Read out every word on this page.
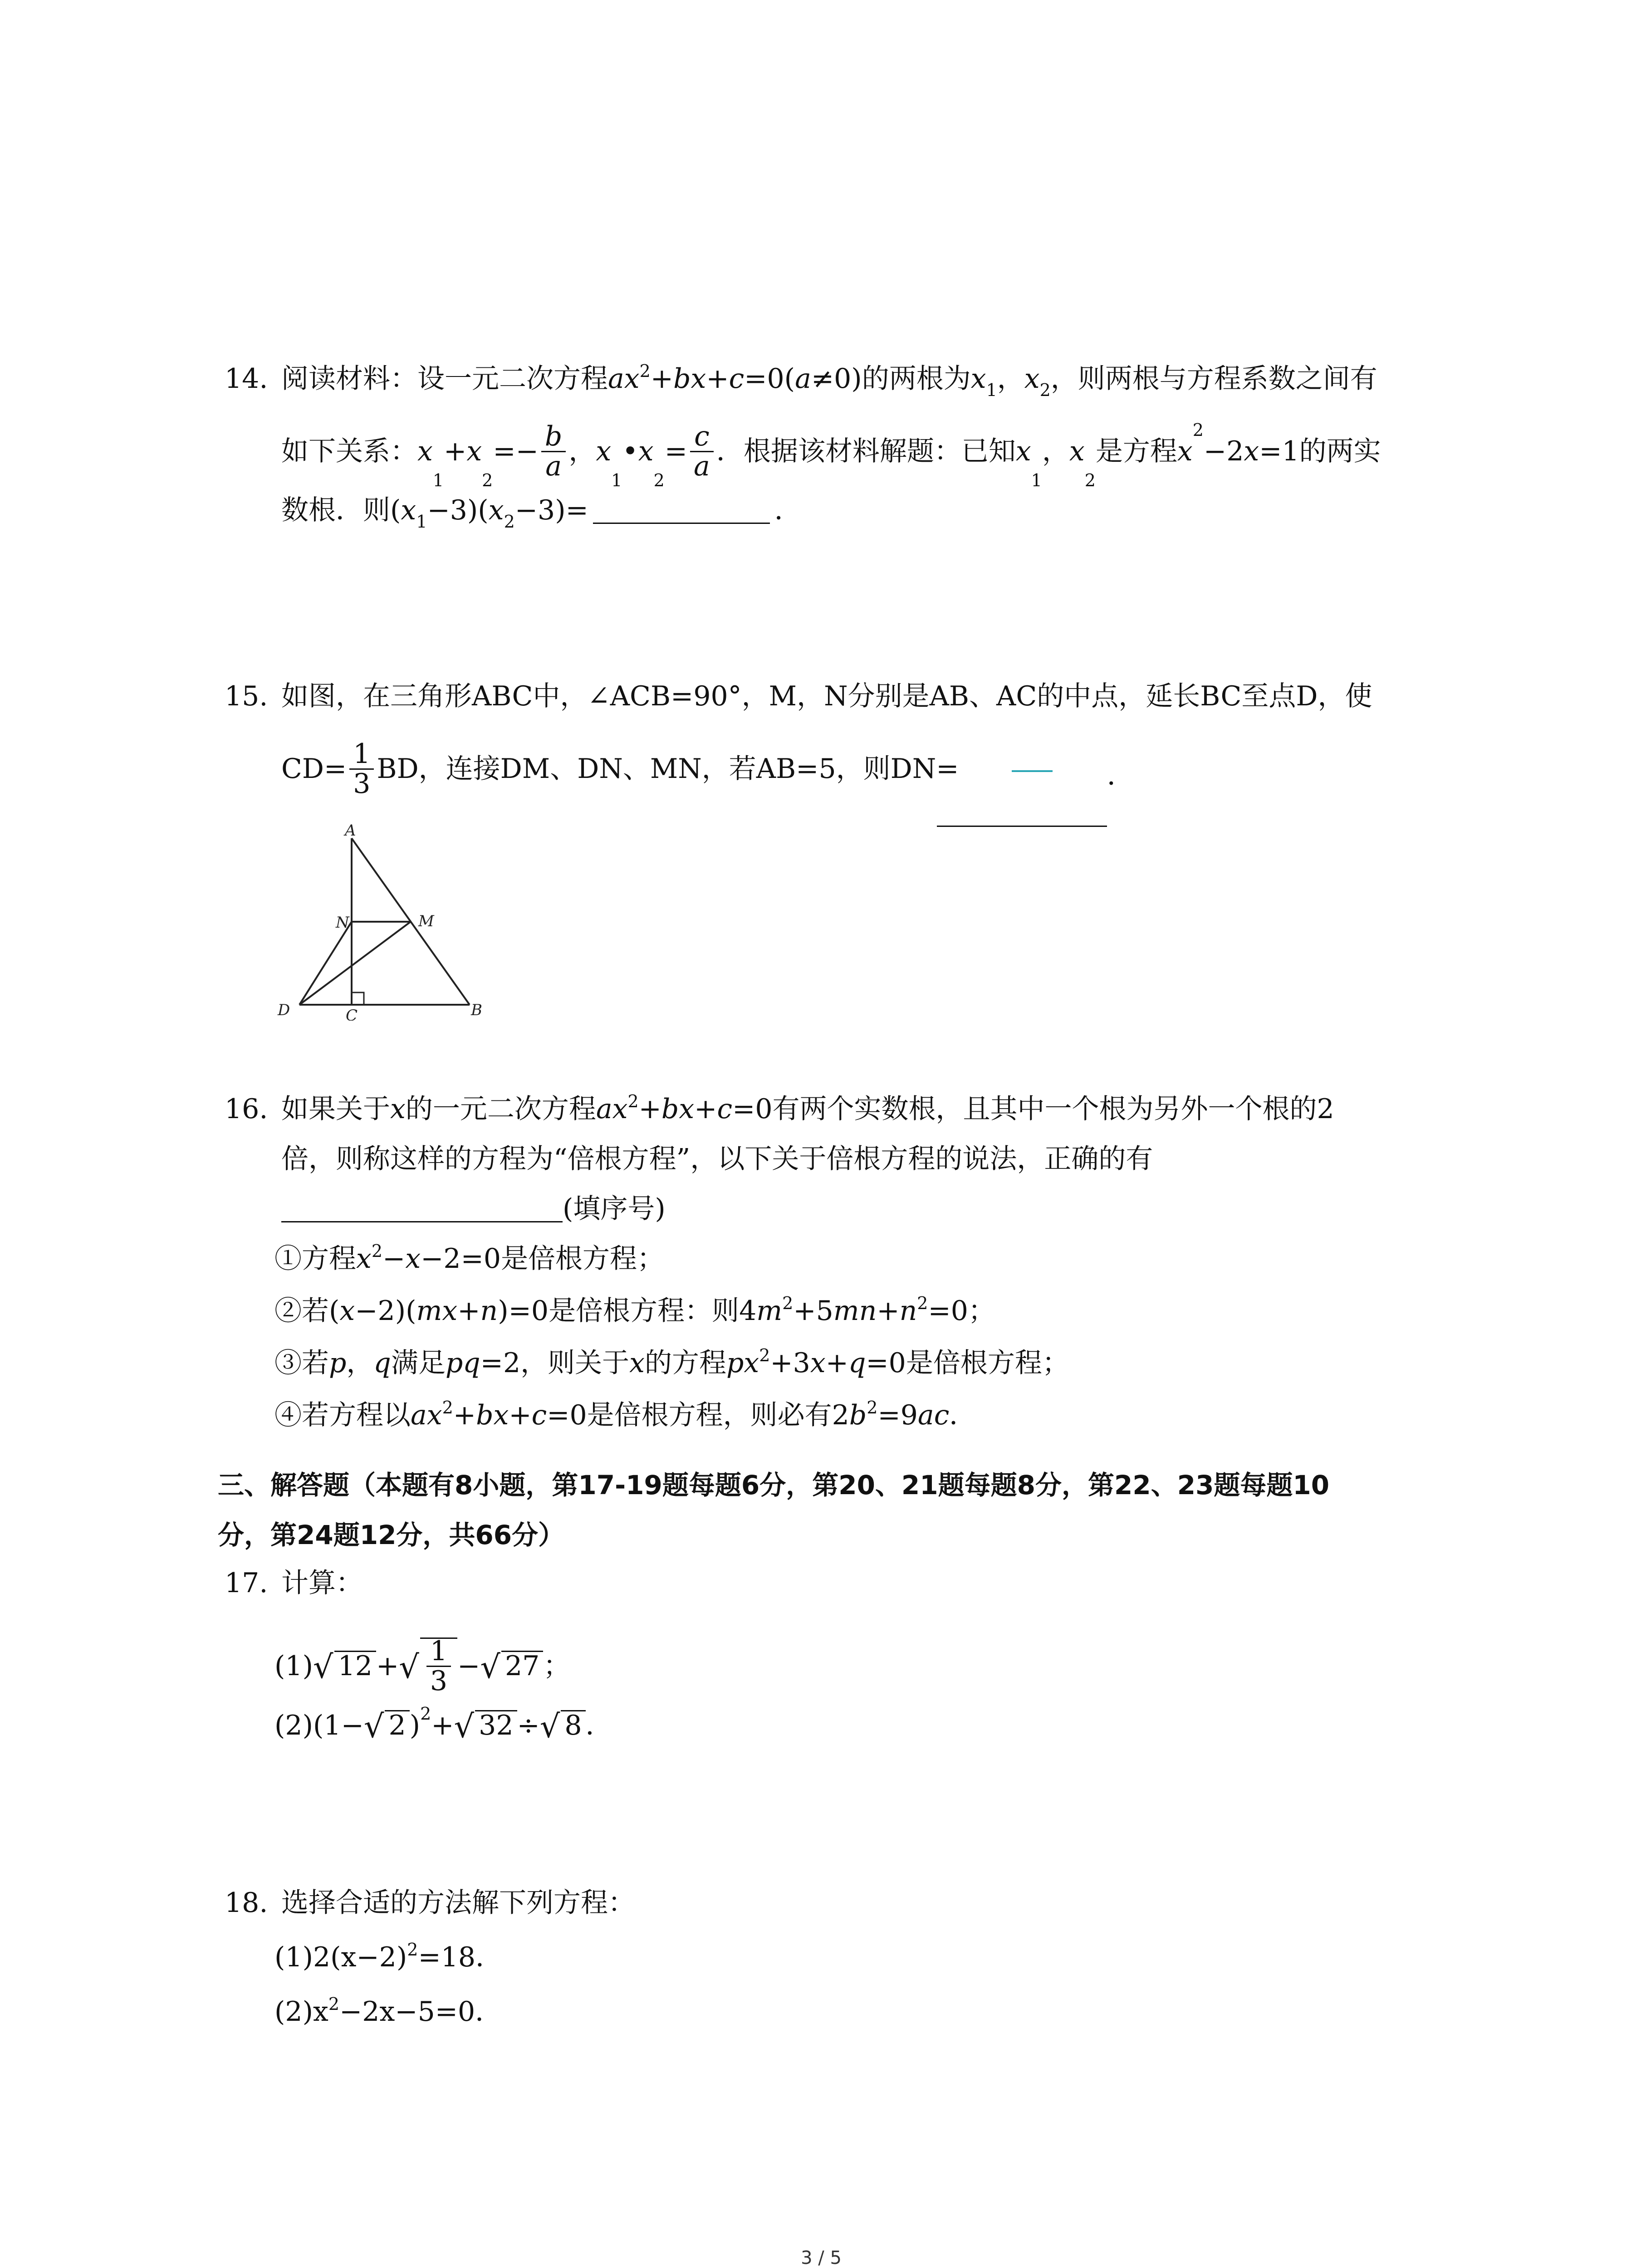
14. 阅读材料：设一元二次方程$ax^2+bx+c=0(a\ne 0)$的两根为$x_1$，$x_2$，则两根与方程系数之间有
如下关系：$x_1+x_2=- \frac{b}{a}$ ，$x_1•x_2= \frac{c}{a}$ ．根据该材料解题：已知$x_1$，$x_2$是方程$x^2-2x=1$的两实
数根．则$(x_1-3)(x_2-3)=$	．
15. 如图，在三角形ABC中，∠ACB=90°，M，N分别是AB、AC的中点，延长BC至点D，使
$CD= \frac{1}{3}$ BD，连接DM、DN、MN，若AB=5，则DN=	．
A
N	M
D	C	B
16. 如果关于x的一元二次方程$ax^2+bx+c=0$有两个实数根，且其中一个根为另外一个根的2
倍，则称这样的方程为“倍根方程”，以下关于倍根方程的说法，正确的有
(填序号)
①方程$x^2-x-2=0$是倍根方程；
②若(x−2)(mx+n)=0是倍根方程：则$4m^2+5mn+n^2=0$；
③若p，q满足pq=2，则关于x的方程$px^2+3x+q=0$是倍根方程；
④若方程以$ax^2+bx+c=0$是倍根方程，则必有$2b^2=9ac$．
三、解答题（本题有8小题，第17-19题每题6分，第20、21题每题8分，第22、23题每题10
分，第24题12分，共66分）
17. 计算：
(1)√ 12 +√ $\frac{1}{3}$ −√ 27 ；
(2)(1−√ 2 )$^2$+√ 32 ÷√ 8 ．
18. 选择合适的方法解下列方程：
$(1)2(x-2)^2=18$．
$(2)x^2-2x-5=0$．
3 / 5
